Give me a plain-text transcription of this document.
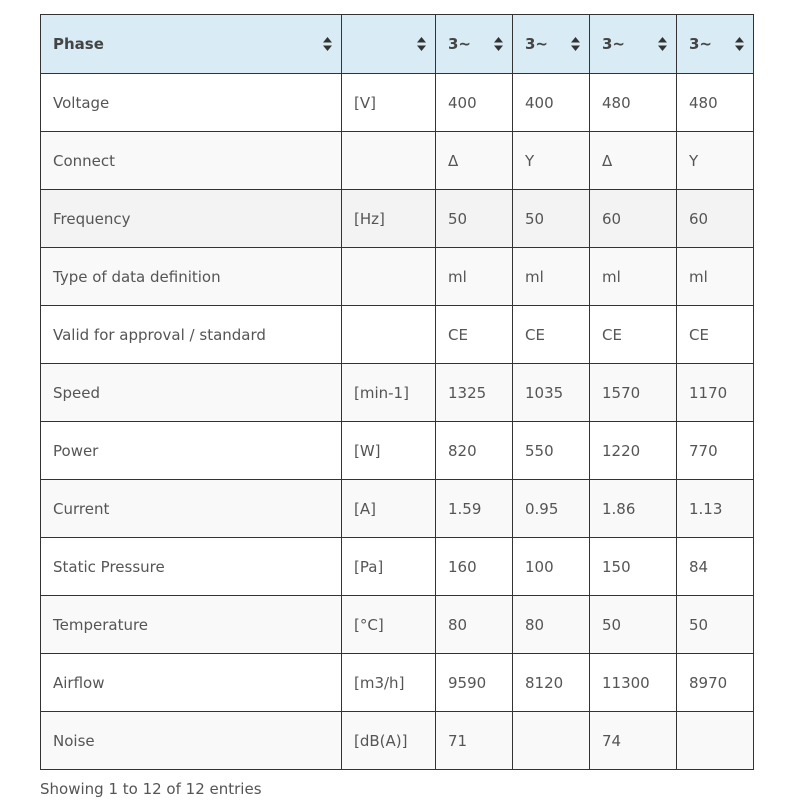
Phase		3~	3~	3~	3~

Voltage	[V]	400	400	480	480
Connect		Δ	Y	Δ	Y
Frequency	[Hz]	50	50	60	60
Type of data definition		ml	ml	ml	ml
Valid for approval / standard		CE	CE	CE	CE
Speed	[min-1]	1325	1035	1570	1170
Power	[W]	820	550	1220	770
Current	[A]	1.59	0.95	1.86	1.13
Static Pressure	[Pa]	160	100	150	84
Temperature	[°C]	80	80	50	50
Airflow	[m3/h]	9590	8120	11300	8970
Noise	[dB(A)]	71		74	
Showing 1 to 12 of 12 entries
